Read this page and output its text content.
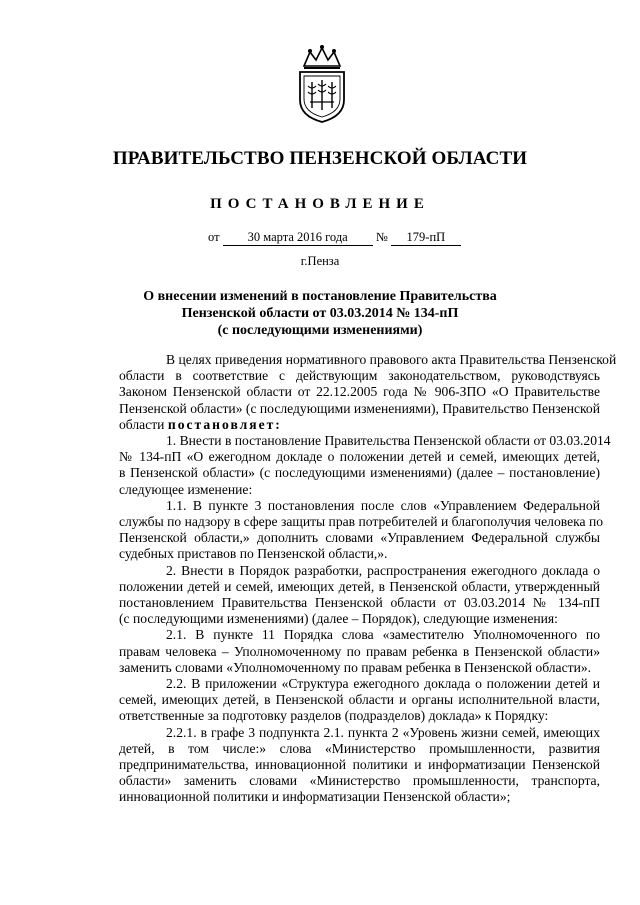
ПРАВИТЕЛЬСТВО ПЕНЗЕНСКОЙ ОБЛАСТИ
ПОСТАНОВЛЕНИЕ
от 30 марта 2016 года № 179-пП
г.Пенза
О внесении изменений в постановление Правительства
Пензенской области от 03.03.2014 № 134-пП
(с последующими изменениями)
В целях приведения нормативного правового акта Правительства Пензенской
области в соответствие с действующим законодательством, руководствуясь
Законом Пензенской области от 22.12.2005 года № 906-ЗПО «О Правительстве
Пензенской области» (с последующими изменениями), Правительство Пензенской
области постановляет:
1. Внести в постановление Правительства Пензенской области от 03.03.2014
№ 134-пП «О ежегодном докладе о положении детей и семей, имеющих детей,
в Пензенской области» (с последующими изменениями) (далее – постановление)
следующее изменение:
1.1. В пункте 3 постановления после слов «Управлением Федеральной
службы по надзору в сфере защиты прав потребителей и благополучия человека по
Пензенской области,» дополнить словами «Управлением Федеральной службы
судебных приставов по Пензенской области,».
2. Внести в Порядок разработки, распространения ежегодного доклада о
положении детей и семей, имеющих детей, в Пензенской области, утвержденный
постановлением Правительства Пензенской области от 03.03.2014 № 134-пП
(с последующими изменениями) (далее – Порядок), следующие изменения:
2.1. В пункте 11 Порядка слова «заместителю Уполномоченного по
правам человека – Уполномоченному по правам ребенка в Пензенской области»
заменить словами «Уполномоченному по правам ребенка в Пензенской области».
2.2. В приложении «Структура ежегодного доклада о положении детей и
семей, имеющих детей, в Пензенской области и органы исполнительной власти,
ответственные за подготовку разделов (подразделов) доклада» к Порядку:
2.2.1. в графе 3 подпункта 2.1. пункта 2 «Уровень жизни семей, имеющих
детей, в том числе:» слова «Министерство промышленности, развития
предпринимательства, инновационной политики и информатизации Пензенской
области» заменить словами «Министерство промышленности, транспорта,
инновационной политики и информатизации Пензенской области»;
